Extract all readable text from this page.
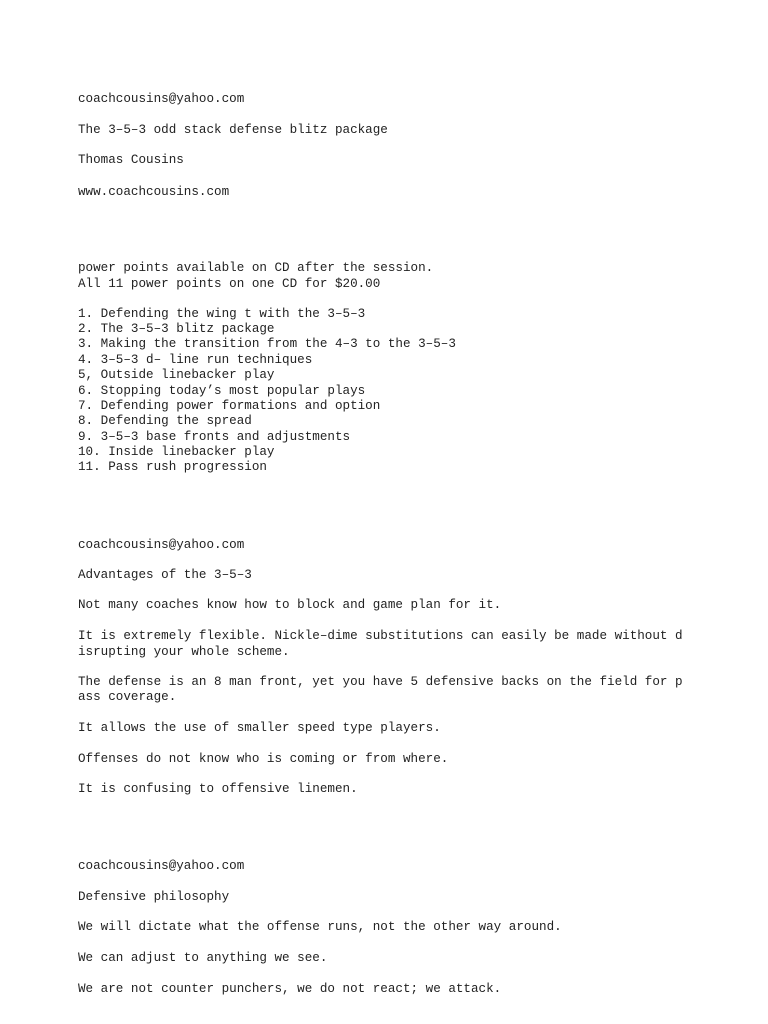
coachcousins@yahoo.com
The 3–5–3 odd stack defense blitz package
Thomas Cousins
www.coachcousins.com
power points available on CD after the session.
All 11 power points on one CD for $20.00
1. Defending the wing t with the 3–5–3
2. The 3–5–3 blitz package
3. Making the transition from the 4–3 to the 3–5–3
4. 3–5–3 d– line run techniques
5, Outside linebacker play
6. Stopping today’s most popular plays
7. Defending power formations and option
8. Defending the spread
9. 3–5–3 base fronts and adjustments
10. Inside linebacker play
11. Pass rush progression
coachcousins@yahoo.com
Advantages of the 3–5–3
Not many coaches know how to block and game plan for it.
It is extremely flexible. Nickle–dime substitutions can easily be made without d
isrupting your whole scheme.
The defense is an 8 man front, yet you have 5 defensive backs on the field for p
ass coverage.
It allows the use of smaller speed type players.
Offenses do not know who is coming or from where.
It is confusing to offensive linemen.
coachcousins@yahoo.com
Defensive philosophy
We will dictate what the offense runs, not the other way around.
We can adjust to anything we see.
We are not counter punchers, we do not react; we attack.
